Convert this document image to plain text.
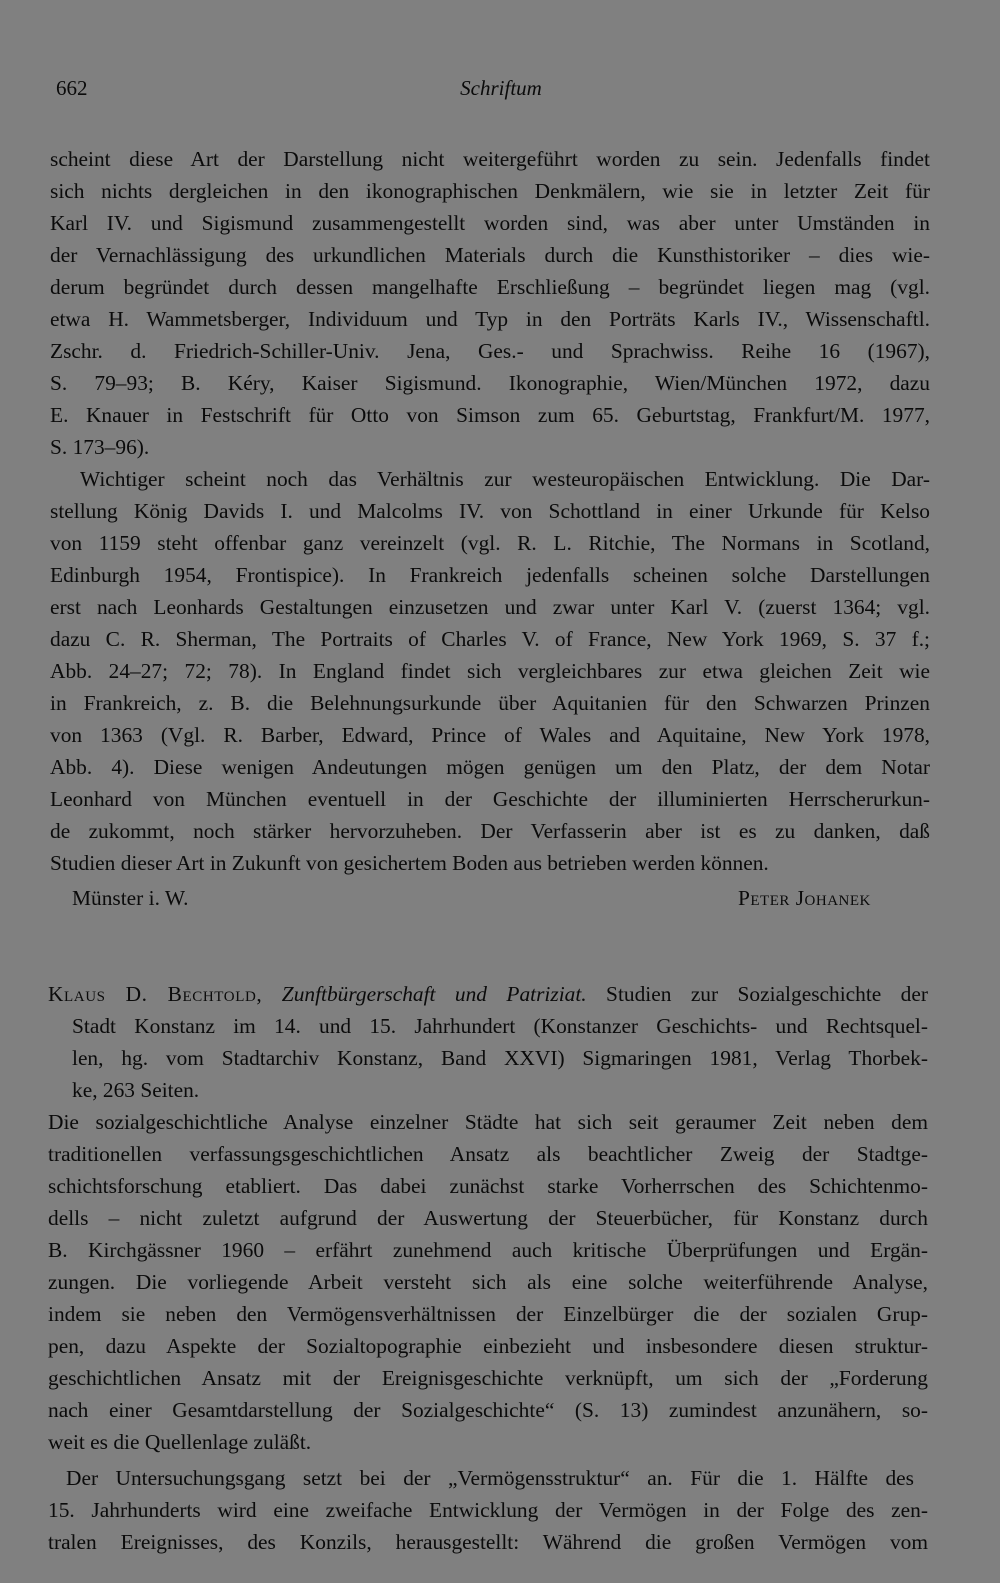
662	Schriftum
scheint diese Art der Darstellung nicht weitergeführt worden zu sein. Jedenfalls findet
sich nichts dergleichen in den ikonographischen Denkmälern, wie sie in letzter Zeit für
Karl IV. und Sigismund zusammengestellt worden sind, was aber unter Umständen in
der Vernachlässigung des urkundlichen Materials durch die Kunsthistoriker – dies wie-
derum begründet durch dessen mangelhafte Erschließung – begründet liegen mag (vgl.
etwa H. Wammetsberger, Individuum und Typ in den Porträts Karls IV., Wissenschaftl.
Zschr. d. Friedrich-Schiller-Univ. Jena, Ges.- und Sprachwiss. Reihe 16 (1967),
S. 79–93; B. Kéry, Kaiser Sigismund. Ikonographie, Wien/München 1972, dazu
E. Knauer in Festschrift für Otto von Simson zum 65. Geburtstag, Frankfurt/M. 1977,
S. 173–96).
Wichtiger scheint noch das Verhältnis zur westeuropäischen Entwicklung. Die Dar-
stellung König Davids I. und Malcolms IV. von Schottland in einer Urkunde für Kelso
von 1159 steht offenbar ganz vereinzelt (vgl. R. L. Ritchie, The Normans in Scotland,
Edinburgh 1954, Frontispice). In Frankreich jedenfalls scheinen solche Darstellungen
erst nach Leonhards Gestaltungen einzusetzen und zwar unter Karl V. (zuerst 1364; vgl.
dazu C. R. Sherman, The Portraits of Charles V. of France, New York 1969, S. 37 f.;
Abb. 24–27; 72; 78). In England findet sich vergleichbares zur etwa gleichen Zeit wie
in Frankreich, z. B. die Belehnungsurkunde über Aquitanien für den Schwarzen Prinzen
von 1363 (Vgl. R. Barber, Edward, Prince of Wales and Aquitaine, New York 1978,
Abb. 4). Diese wenigen Andeutungen mögen genügen um den Platz, der dem Notar
Leonhard von München eventuell in der Geschichte der illuminierten Herrscherurkun-
de zukommt, noch stärker hervorzuheben. Der Verfasserin aber ist es zu danken, daß
Studien dieser Art in Zukunft von gesichertem Boden aus betrieben werden können.
Münster i. W.	Peter Johanek
Klaus D. Bechtold, Zunftbürgerschaft und Patriziat. Studien zur Sozialgeschichte der
Stadt Konstanz im 14. und 15. Jahrhundert (Konstanzer Geschichts- und Rechtsquel-
len, hg. vom Stadtarchiv Konstanz, Band XXVI) Sigmaringen 1981, Verlag Thorbek-
ke, 263 Seiten.
Die sozialgeschichtliche Analyse einzelner Städte hat sich seit geraumer Zeit neben dem
traditionellen verfassungsgeschichtlichen Ansatz als beachtlicher Zweig der Stadtge-
schichtsforschung etabliert. Das dabei zunächst starke Vorherrschen des Schichtenmo-
dells – nicht zuletzt aufgrund der Auswertung der Steuerbücher, für Konstanz durch
B. Kirchgässner 1960 – erfährt zunehmend auch kritische Überprüfungen und Ergän-
zungen. Die vorliegende Arbeit versteht sich als eine solche weiterführende Analyse,
indem sie neben den Vermögensverhältnissen der Einzelbürger die der sozialen Grup-
pen, dazu Aspekte der Sozialtopographie einbezieht und insbesondere diesen struktur-
geschichtlichen Ansatz mit der Ereignisgeschichte verknüpft, um sich der „Forderung
nach einer Gesamtdarstellung der Sozialgeschichte“ (S. 13) zumindest anzunähern, so-
weit es die Quellenlage zuläßt.
Der Untersuchungsgang setzt bei der „Vermögensstruktur“ an. Für die 1. Hälfte des
15. Jahrhunderts wird eine zweifache Entwicklung der Vermögen in der Folge des zen-
tralen Ereignisses, des Konzils, herausgestellt: Während die großen Vermögen vom
